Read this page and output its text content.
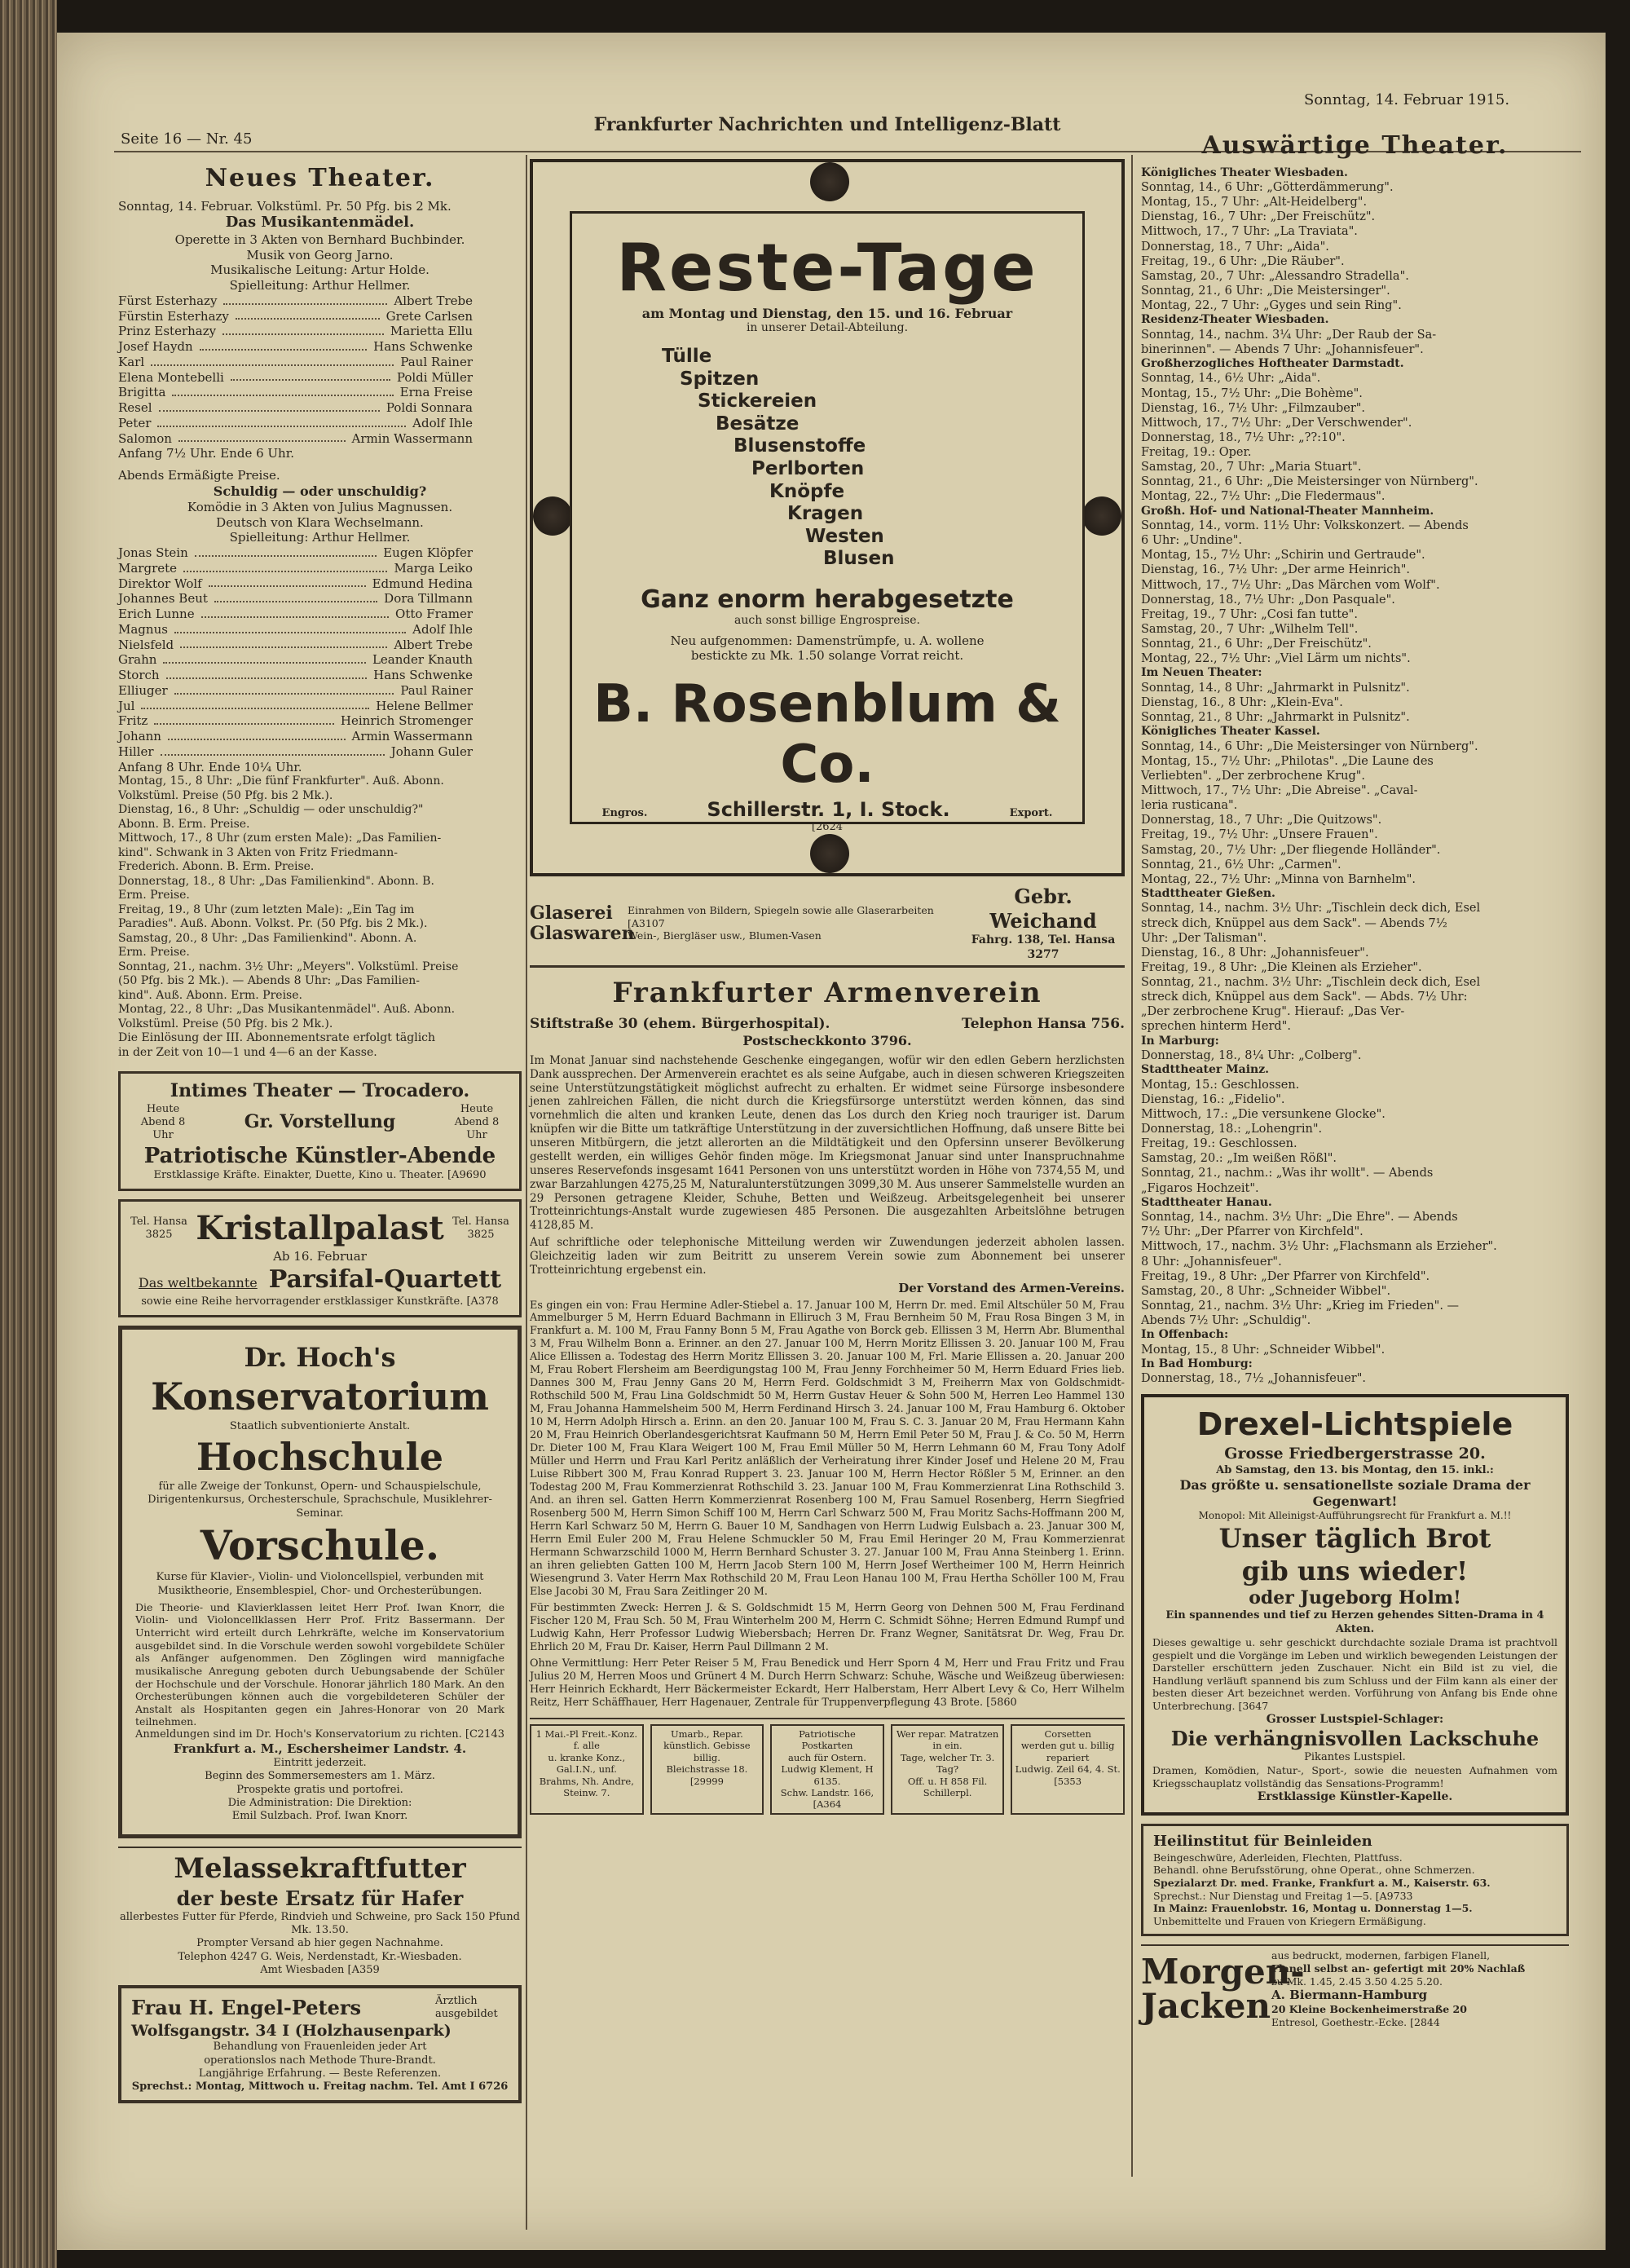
Seite 16 — Nr. 45
Frankfurter Nachrichten und Intelligenz-Blatt
Sonntag, 14. Februar 1915.
Neues Theater.
Sonntag, 14. Februar. Volkstüml. Pr. 50 Pfg. bis 2 Mk.
Das Musikantenmädel.
Operette in 3 Akten von Bernhard Buchbinder.
Musik von Georg Jarno.
Musikalische Leitung: Artur Holde.
Spielleitung: Arthur Hellmer.
Fürst Esterhazy	Albert Trebe
Fürstin Esterhazy	Grete Carlsen
Prinz Esterhazy	Marietta Ellu
Josef Haydn	Hans Schwenke
Karl	Paul Rainer
Elena Montebelli	Poldi Müller
Brigitta	Erna Freise
Resel	Poldi Sonnara
Peter	Adolf Ihle
Salomon	Armin Wassermann
Anfang 7½ Uhr. Ende 6 Uhr.
Abends Ermäßigte Preise.
Schuldig — oder unschuldig?
Komödie in 3 Akten von Julius Magnussen.
Deutsch von Klara Wechselmann.
Spielleitung: Arthur Hellmer.
Jonas Stein	Eugen Klöpfer
Margrete	Marga Leiko
Direktor Wolf	Edmund Hedina
Johannes Beut	Dora Tillmann
Erich Lunne	Otto Framer
Magnus	Adolf Ihle
Nielsfeld	Albert Trebe
Grahn	Leander Knauth
Storch	Hans Schwenke
Elliuger	Paul Rainer
Jul	Helene Bellmer
Fritz	Heinrich Stromenger
Johann	Armin Wassermann
Hiller	Johann Guler
Anfang 8 Uhr. Ende 10¼ Uhr.
Montag, 15., 8 Uhr: „Die fünf Frankfurter". Auß. Abonn.
Volkstüml. Preise (50 Pfg. bis 2 Mk.).
Dienstag, 16., 8 Uhr: „Schuldig — oder unschuldig?"
Abonn. B. Erm. Preise.
Mittwoch, 17., 8 Uhr (zum ersten Male): „Das Familien-
kind". Schwank in 3 Akten von Fritz Friedmann-
Frederich. Abonn. B. Erm. Preise.
Donnerstag, 18., 8 Uhr: „Das Familienkind". Abonn. B.
Erm. Preise.
Freitag, 19., 8 Uhr (zum letzten Male): „Ein Tag im
Paradies". Auß. Abonn. Volkst. Pr. (50 Pfg. bis 2 Mk.).
Samstag, 20., 8 Uhr: „Das Familienkind". Abonn. A.
Erm. Preise.
Sonntag, 21., nachm. 3½ Uhr: „Meyers". Volkstüml. Preise
(50 Pfg. bis 2 Mk.). — Abends 8 Uhr: „Das Familien-
kind". Auß. Abonn. Erm. Preise.
Montag, 22., 8 Uhr: „Das Musikantenmädel". Auß. Abonn.
Volkstüml. Preise (50 Pfg. bis 2 Mk.).
Die Einlösung der III. Abonnementsrate erfolgt täglich
in der Zeit von 10—1 und 4—6 an der Kasse.
Intimes Theater — Trocadero.
Heute Abend 8 Uhr
Gr. Vorstellung
Heute Abend 8 Uhr
Patriotische Künstler-Abende
Erstklassige Kräfte. Einakter, Duette, Kino u. Theater. [A9690
Tel. Hansa 3825 Kristallpalast Tel. Hansa 3825
Ab 16. Februar
Das weltbekannte Parsifal-Quartett
sowie eine Reihe hervorragender erstklassiger Kunstkräfte. [A378
Dr. Hoch's
Konservatorium
Staatlich subventionierte Anstalt.
Hochschule
für alle Zweige der Tonkunst, Opern- und Schauspielschule, Dirigentenkursus, Orchesterschule, Sprachschule, Musiklehrer-Seminar.
Vorschule.
Kurse für Klavier-, Violin- und Violoncellspiel, verbunden mit Musiktheorie, Ensemblespiel, Chor- und Orchesterübungen.
Die Theorie- und Klavierklassen leitet Herr Prof. Iwan Knorr, die Violin- und Violoncellklassen Herr Prof. Fritz Bassermann. Der Unterricht wird erteilt durch Lehrkräfte, welche im Konservatorium ausgebildet sind. In die Vorschule werden sowohl vorgebildete Schüler als Anfänger aufgenommen. Den Zöglingen wird mannigfache musikalische Anregung geboten durch Uebungsabende der Schüler der Hochschule und der Vorschule. Honorar jährlich 180 Mark. An den Orchesterübungen können auch die vorgebildeteren Schüler der Anstalt als Hospitanten gegen ein Jahres-Honorar von 20 Mark teilnehmen.
Anmeldungen sind im Dr. Hoch's Konservatorium zu richten. [C2143
Frankfurt a. M., Eschersheimer Landstr. 4.
Eintritt jederzeit.
Beginn des Sommersemesters am 1. März.
Prospekte gratis und portofrei.
Die Administration: Die Direktion:
Emil Sulzbach. Prof. Iwan Knorr.
Melassekraftfutter
der beste Ersatz für Hafer
allerbestes Futter für Pferde, Rindvieh und Schweine, pro Sack 150 Pfund Mk. 13.50.
Prompter Versand ab hier gegen Nachnahme.
Telephon 4247 G. Weis, Nerdenstadt, Kr.-Wiesbaden.
Amt Wiesbaden [A359
Frau H. Engel-Peters	Ärztlich ausgebildet
Wolfsgangstr. 34 I (Holzhausenpark)
Behandlung von Frauenleiden jeder Art
operationslos nach Methode Thure-Brandt.
Langjährige Erfahrung. — Beste Referenzen.
Sprechst.: Montag, Mittwoch u. Freitag nachm. Tel. Amt I 6726
Reste-Tage
am Montag und Dienstag, den 15. und 16. Februar
in unserer Detail-Abteilung.
Tülle
Spitzen
Stickereien
Besätze
Blusenstoffe
Perlborten
Knöpfe
Kragen
Westen
Blusen
Ganz enorm herabgesetzte
auch sonst billige Engrospreise.
Neu aufgenommen: Damenstrümpfe, u. A. wollene
bestickte zu Mk. 1.50 solange Vorrat reicht.
B. Rosenblum & Co.
Engros.	Schillerstr. 1, I. Stock.	Export.
[2624
Glaserei
Glaswaren
Einrahmen von Bildern, Spiegeln sowie alle Glaserarbeiten [A3107
Wein-, Biergläser usw., Blumen-Vasen
Gebr. Weichand
Fahrg. 138, Tel. Hansa 3277
Frankfurter Armenverein
Stiftstraße 30 (ehem. Bürgerhospital).	Telephon Hansa 756.
Postscheckkonto 3796.
Im Monat Januar sind nachstehende Geschenke eingegangen, wofür wir den edlen Gebern herzlichsten Dank aussprechen. Der Armenverein erachtet es als seine Aufgabe, auch in diesen schweren Kriegszeiten seine Unterstützungstätigkeit möglichst aufrecht zu erhalten. Er widmet seine Fürsorge insbesondere jenen zahlreichen Fällen, die nicht durch die Kriegsfürsorge unterstützt werden können, das sind vornehmlich die alten und kranken Leute, denen das Los durch den Krieg noch trauriger ist. Darum knüpfen wir die Bitte um tatkräftige Unterstützung in der zuversichtlichen Hoffnung, daß unsere Bitte bei unseren Mitbürgern, die jetzt allerorten an die Mildtätigkeit und den Opfersinn unserer Bevölkerung gestellt werden, ein williges Gehör finden möge. Im Kriegsmonat Januar sind unter Inanspruchnahme unseres Reservefonds insgesamt 1641 Personen von uns unterstützt worden in Höhe von 7374,55 M, und zwar Barzahlungen 4275,25 M, Naturalunterstützungen 3099,30 M. Aus unserer Sammelstelle wurden an 29 Personen getragene Kleider, Schuhe, Betten und Weißzeug. Arbeitsgelegenheit bei unserer Trotteinrichtungs-Anstalt wurde zugewiesen 485 Personen. Die ausgezahlten Arbeitslöhne betrugen 4128,85 M.
Auf schriftliche oder telephonische Mitteilung werden wir Zuwendungen jederzeit abholen lassen. Gleichzeitig laden wir zum Beitritt zu unserem Verein sowie zum Abonnement bei unserer Trotteinrichtung ergebenst ein.
Der Vorstand des Armen-Vereins.
Es gingen ein von: Frau Hermine Adler-Stiebel a. 17. Januar 100 M, Herrn Dr. med. Emil Altschüler 50 M, Frau Ammelburger 5 M, Herrn Eduard Bachmann in Elliruch 3 M, Frau Bernheim 50 M, Frau Rosa Bingen 3 M, in Frankfurt a. M. 100 M, Frau Fanny Bonn 5 M, Frau Agathe von Borck geb. Ellissen 3 M, Herrn Abr. Blumenthal 3 M, Frau Wilhelm Bonn a. Erinner. an den 27. Januar 100 M, Herrn Moritz Ellissen 3. 20. Januar 100 M, Frau Alice Ellissen a. Todestag des Herrn Moritz Ellissen 3. 20. Januar 100 M, Frl. Marie Ellissen a. 20. Januar 200 M, Frau Robert Flersheim am Beerdigungstag 100 M, Frau Jenny Forchheimer 50 M, Herrn Eduard Fries lieb. Dannes 300 M, Frau Jenny Gans 20 M, Herrn Ferd. Goldschmidt 3 M, Freiherrn Max von Goldschmidt-Rothschild 500 M, Frau Lina Goldschmidt 50 M, Herrn Gustav Heuer & Sohn 500 M, Herren Leo Hammel 130 M, Frau Johanna Hammelsheim 500 M, Herrn Ferdinand Hirsch 3. 24. Januar 100 M, Frau Hamburg 6. Oktober 10 M, Herrn Adolph Hirsch a. Erinn. an den 20. Januar 100 M, Frau S. C. 3. Januar 20 M, Frau Hermann Kahn 20 M, Frau Heinrich Oberlandesgerichtsrat Kaufmann 50 M, Herrn Emil Peter 50 M, Frau J. & Co. 50 M, Herrn Dr. Dieter 100 M, Frau Klara Weigert 100 M, Frau Emil Müller 50 M, Herrn Lehmann 60 M, Frau Tony Adolf Müller und Herrn und Frau Karl Peritz anläßlich der Verheiratung ihrer Kinder Josef und Helene 20 M, Frau Luise Ribbert 300 M, Frau Konrad Ruppert 3. 23. Januar 100 M, Herrn Hector Rößler 5 M, Erinner. an den Todestag 200 M, Frau Kommerzienrat Rothschild 3. 23. Januar 100 M, Frau Kommerzienrat Lina Rothschild 3. And. an ihren sel. Gatten Herrn Kommerzienrat Rosenberg 100 M, Frau Samuel Rosenberg, Herrn Siegfried Rosenberg 500 M, Herrn Simon Schiff 100 M, Herrn Carl Schwarz 500 M, Frau Moritz Sachs-Hoffmann 200 M, Herrn Karl Schwarz 50 M, Herrn G. Bauer 10 M, Sandhagen von Herrn Ludwig Eulsbach a. 23. Januar 300 M, Herrn Emil Euler 200 M, Frau Helene Schmuckler 50 M, Frau Emil Heringer 20 M, Frau Kommerzienrat Hermann Schwarzschild 1000 M, Herrn Bernhard Schuster 3. 27. Januar 100 M, Frau Anna Steinberg 1. Erinn. an ihren geliebten Gatten 100 M, Herrn Jacob Stern 100 M, Herrn Josef Wertheimer 100 M, Herrn Heinrich Wiesengrund 3. Vater Herrn Max Rothschild 20 M, Frau Leon Hanau 100 M, Frau Hertha Schöller 100 M, Frau Else Jacobi 30 M, Frau Sara Zeitlinger 20 M.
Für bestimmten Zweck: Herren J. & S. Goldschmidt 15 M, Herrn Georg von Dehnen 500 M, Frau Ferdinand Fischer 120 M, Frau Sch. 50 M, Frau Winterhelm 200 M, Herrn C. Schmidt Söhne; Herren Edmund Rumpf und Ludwig Kahn, Herr Professor Ludwig Wiebersbach; Herren Dr. Franz Wegner, Sanitätsrat Dr. Weg, Frau Dr. Ehrlich 20 M, Frau Dr. Kaiser, Herrn Paul Dillmann 2 M.
Ohne Vermittlung: Herr Peter Reiser 5 M, Frau Benedick und Herr Sporn 4 M, Herr und Frau Fritz und Frau Julius 20 M, Herren Moos und Grünert 4 M. Durch Herrn Schwarz: Schuhe, Wäsche und Weißzeug überwiesen: Herr Heinrich Eckhardt, Herr Bäckermeister Eckardt, Herr Halberstam, Herr Albert Levy & Co, Herr Wilhelm Reitz, Herr Schäffhauer, Herr Hagenauer, Zentrale für Truppenverpflegung 43 Brote. [5860
1 Mai.-Pl Freit.-Konz. f. alle
u. kranke Konz., Gal.I.N., unf.
Brahms, Nh. Andre, Steinw. 7.
Umarb., Repar.
künstlich. Gebisse billig.
Bleichstrasse 18. [29999
Patriotische Postkarten
auch für Ostern.
Ludwig Klement, H 6135.
Schw. Landstr. 166, [A364
Wer repar. Matratzen in ein.
Tage, welcher Tr. 3. Tag?
Off. u. H 858 Fil. Schillerpl.
Corsetten
werden gut u. billig repariert
Ludwig. Zeil 64, 4. St. [5353
Auswärtige Theater.
Königliches Theater Wiesbaden.
Sonntag, 14., 6 Uhr: „Götterdämmerung".
Montag, 15., 7 Uhr: „Alt-Heidelberg".
Dienstag, 16., 7 Uhr: „Der Freischütz".
Mittwoch, 17., 7 Uhr: „La Traviata".
Donnerstag, 18., 7 Uhr: „Aida".
Freitag, 19., 6 Uhr: „Die Räuber".
Samstag, 20., 7 Uhr: „Alessandro Stradella".
Sonntag, 21., 6 Uhr: „Die Meistersinger".
Montag, 22., 7 Uhr: „Gyges und sein Ring".
Residenz-Theater Wiesbaden.
Sonntag, 14., nachm. 3¼ Uhr: „Der Raub der Sa-
binerinnen". — Abends 7 Uhr: „Johannisfeuer".
Großherzogliches Hoftheater Darmstadt.
Sonntag, 14., 6½ Uhr: „Aida".
Montag, 15., 7½ Uhr: „Die Bohème".
Dienstag, 16., 7½ Uhr: „Filmzauber".
Mittwoch, 17., 7½ Uhr: „Der Verschwender".
Donnerstag, 18., 7½ Uhr: „??:10".
Freitag, 19.: Oper.
Samstag, 20., 7 Uhr: „Maria Stuart".
Sonntag, 21., 6 Uhr: „Die Meistersinger von Nürnberg".
Montag, 22., 7½ Uhr: „Die Fledermaus".
Großh. Hof- und National-Theater Mannheim.
Sonntag, 14., vorm. 11½ Uhr: Volkskonzert. — Abends
6 Uhr: „Undine".
Montag, 15., 7½ Uhr: „Schirin und Gertraude".
Dienstag, 16., 7½ Uhr: „Der arme Heinrich".
Mittwoch, 17., 7½ Uhr: „Das Märchen vom Wolf".
Donnerstag, 18., 7½ Uhr: „Don Pasquale".
Freitag, 19., 7 Uhr: „Cosi fan tutte".
Samstag, 20., 7 Uhr: „Wilhelm Tell".
Sonntag, 21., 6 Uhr: „Der Freischütz".
Montag, 22., 7½ Uhr: „Viel Lärm um nichts".
Im Neuen Theater:
Sonntag, 14., 8 Uhr: „Jahrmarkt in Pulsnitz".
Dienstag, 16., 8 Uhr: „Klein-Eva".
Sonntag, 21., 8 Uhr: „Jahrmarkt in Pulsnitz".
Königliches Theater Kassel.
Sonntag, 14., 6 Uhr: „Die Meistersinger von Nürnberg".
Montag, 15., 7½ Uhr: „Philotas". „Die Laune des
Verliebten". „Der zerbrochene Krug".
Mittwoch, 17., 7½ Uhr: „Die Abreise". „Caval-
leria rusticana".
Donnerstag, 18., 7 Uhr: „Die Quitzows".
Freitag, 19., 7½ Uhr: „Unsere Frauen".
Samstag, 20., 7½ Uhr: „Der fliegende Holländer".
Sonntag, 21., 6½ Uhr: „Carmen".
Montag, 22., 7½ Uhr: „Minna von Barnhelm".
Stadttheater Gießen.
Sonntag, 14., nachm. 3½ Uhr: „Tischlein deck dich, Esel
streck dich, Knüppel aus dem Sack". — Abends 7½
Uhr: „Der Talisman".
Dienstag, 16., 8 Uhr: „Johannisfeuer".
Freitag, 19., 8 Uhr: „Die Kleinen als Erzieher".
Sonntag, 21., nachm. 3½ Uhr: „Tischlein deck dich, Esel
streck dich, Knüppel aus dem Sack". — Abds. 7½ Uhr:
„Der zerbrochene Krug". Hierauf: „Das Ver-
sprechen hinterm Herd".
In Marburg:
Donnerstag, 18., 8¼ Uhr: „Colberg".
Stadttheater Mainz.
Montag, 15.: Geschlossen.
Dienstag, 16.: „Fidelio".
Mittwoch, 17.: „Die versunkene Glocke".
Donnerstag, 18.: „Lohengrin".
Freitag, 19.: Geschlossen.
Samstag, 20.: „Im weißen Rößl".
Sonntag, 21., nachm.: „Was ihr wollt". — Abends
„Figaros Hochzeit".
Stadttheater Hanau.
Sonntag, 14., nachm. 3½ Uhr: „Die Ehre". — Abends
7½ Uhr: „Der Pfarrer von Kirchfeld".
Mittwoch, 17., nachm. 3½ Uhr: „Flachsmann als Erzieher".
8 Uhr: „Johannisfeuer".
Freitag, 19., 8 Uhr: „Der Pfarrer von Kirchfeld".
Samstag, 20., 8 Uhr: „Schneider Wibbel".
Sonntag, 21., nachm. 3½ Uhr: „Krieg im Frieden". —
Abends 7½ Uhr: „Schuldig".
In Offenbach:
Montag, 15., 8 Uhr: „Schneider Wibbel".
In Bad Homburg:
Donnerstag, 18., 7½ „Johannisfeuer".
Drexel-Lichtspiele
Grosse Friedbergerstrasse 20.
Ab Samstag, den 13. bis Montag, den 15. inkl.:
Das größte u. sensationellste soziale Drama der Gegenwart!
Monopol: Mit Alleinigst-Aufführungsrecht für Frankfurt a. M.!!
Unser täglich Brot
gib uns wieder!
oder Jugeborg Holm!
Ein spannendes und tief zu Herzen gehendes Sitten-Drama in 4 Akten.
Dieses gewaltige u. sehr geschickt durchdachte soziale Drama ist prachtvoll gespielt und die Vorgänge im Leben und wirklich bewegenden Leistungen der Darsteller erschüttern jeden Zuschauer. Nicht ein Bild ist zu viel, die Handlung verläuft spannend bis zum Schluss und der Film kann als einer der besten dieser Art bezeichnet werden. Vorführung von Anfang bis Ende ohne Unterbrechung. [3647
Grosser Lustspiel-Schlager:
Die verhängnisvollen Lackschuhe
Pikantes Lustspiel.
Dramen, Komödien, Natur-, Sport-, sowie die neuesten Aufnahmen vom Kriegsschauplatz vollständig das Sensations-Programm!
Erstklassige Künstler-Kapelle.
Heilinstitut für Beinleiden
Beingeschwüre, Aderleiden, Flechten, Plattfuss.
Behandl. ohne Berufsstörung, ohne Operat., ohne Schmerzen.
Spezialarzt Dr. med. Franke, Frankfurt a. M., Kaiserstr. 63.
Sprechst.: Nur Dienstag und Freitag 1—5. [A9733
In Mainz: Frauenlobstr. 16, Montag u. Donnerstag 1—5.
Unbemittelte und Frauen von Kriegern Ermäßigung.
Morgen-
Jacken
aus bedruckt, modernen, farbigen Flanell,
Flanell selbst an- gefertigt mit 20% Nachlaß
zu Mk. 1.45, 2.45 3.50 4.25 5.20.
A. Biermann-Hamburg
20 Kleine Bockenheimerstraße 20
Entresol, Goethestr.-Ecke. [2844
